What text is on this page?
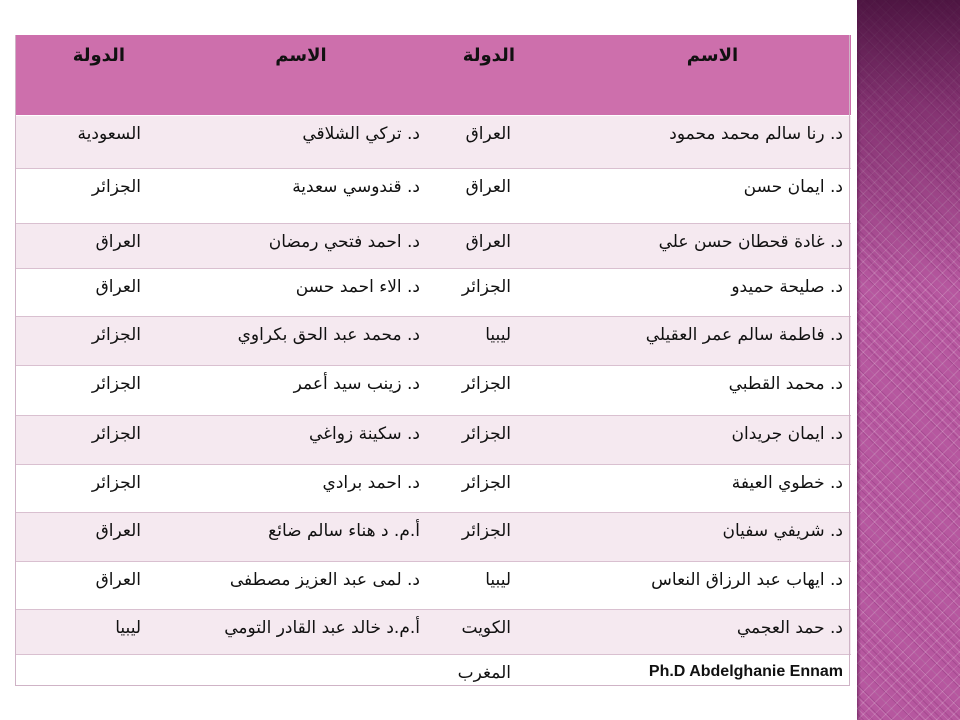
الاسم	الدولة	الاسم	الدولة
د. رنا سالم محمد محمود	العراق	د. تركي الشلاقي	السعودية
د. ايمان حسن	العراق	د. قندوسي سعدية	الجزائر
د. غادة قحطان حسن علي	العراق	د. احمد فتحي رمضان	العراق
د. صليحة حميدو	الجزائر	د. الاء احمد حسن	العراق
د. فاطمة سالم عمر العقيلي	ليبيا	د. محمد عبد الحق بكراوي	الجزائر
د. محمد القطبي	الجزائر	د. زينب سيد أعمر	الجزائر
د. ايمان جريدان	الجزائر	د. سكينة زواغي	الجزائر
د. خطوي العيفة	الجزائر	د. احمد برادي	الجزائر
د. شريفي سفيان	الجزائر	أ.م. د هناء سالم ضائع	العراق
د. ايهاب عبد الرزاق النعاس	ليبيا	د. لمى عبد العزيز مصطفى	العراق
د. حمد العجمي	الكويت	أ.م.د خالد عبد القادر التومي	ليبيا
Ph.D Abdelghanie Ennam	المغرب		
